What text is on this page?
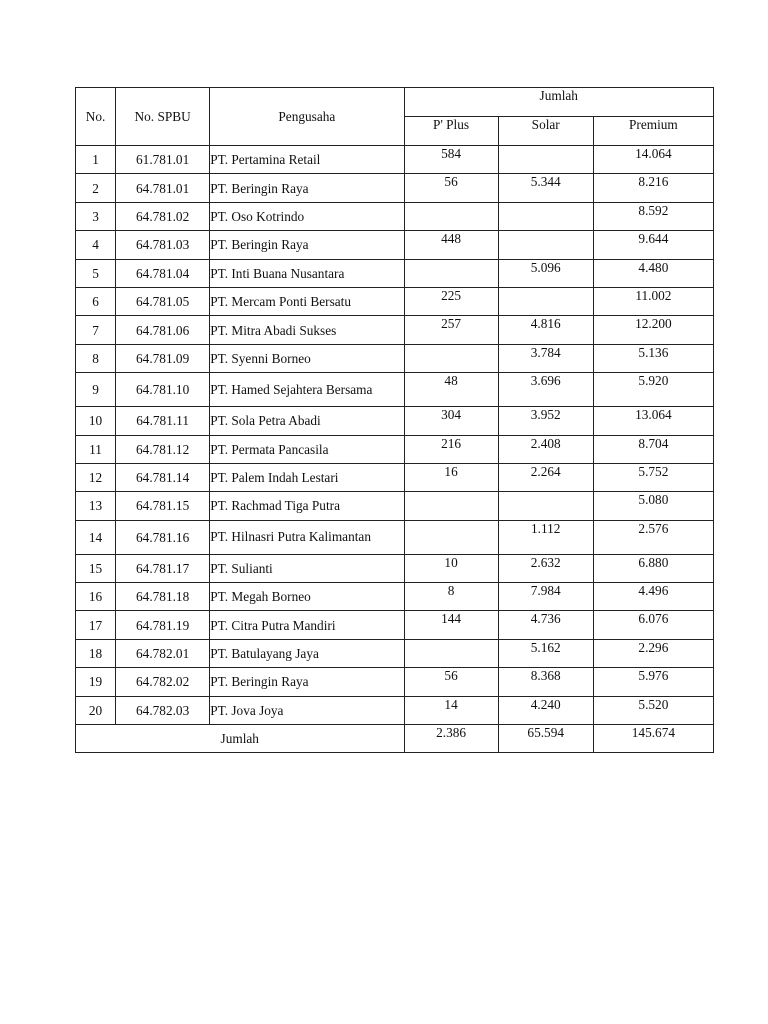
No.	No. SPBU	Pengusaha	Jumlah		
			P' Plus	Solar	Premium
1	61.781.01	PT. Pertamina Retail	584		14.064
2	64.781.01	PT. Beringin Raya	56	5.344	8.216
3	64.781.02	PT. Oso Kotrindo			8.592
4	64.781.03	PT. Beringin Raya	448		9.644
5	64.781.04	PT. Inti Buana Nusantara		5.096	4.480
6	64.781.05	PT. Mercam Ponti Bersatu	225		11.002
7	64.781.06	PT. Mitra Abadi Sukses	257	4.816	12.200
8	64.781.09	PT. Syenni Borneo		3.784	5.136
9	64.781.10	PT. Hamed Sejahtera Bersama	48	3.696	5.920
10	64.781.11	PT. Sola Petra Abadi	304	3.952	13.064
11	64.781.12	PT. Permata Pancasila	216	2.408	8.704
12	64.781.14	PT. Palem Indah Lestari	16	2.264	5.752
13	64.781.15	PT. Rachmad Tiga Putra			5.080
14	64.781.16	PT. Hilnasri Putra Kalimantan		1.112	2.576
15	64.781.17	PT. Sulianti	10	2.632	6.880
16	64.781.18	PT. Megah Borneo	8	7.984	4.496
17	64.781.19	PT. Citra Putra Mandiri	144	4.736	6.076
18	64.782.01	PT. Batulayang Jaya		5.162	2.296
19	64.782.02	PT. Beringin Raya	56	8.368	5.976
20	64.782.03	PT. Jova Joya	14	4.240	5.520
Jumlah			2.386	65.594	145.674
